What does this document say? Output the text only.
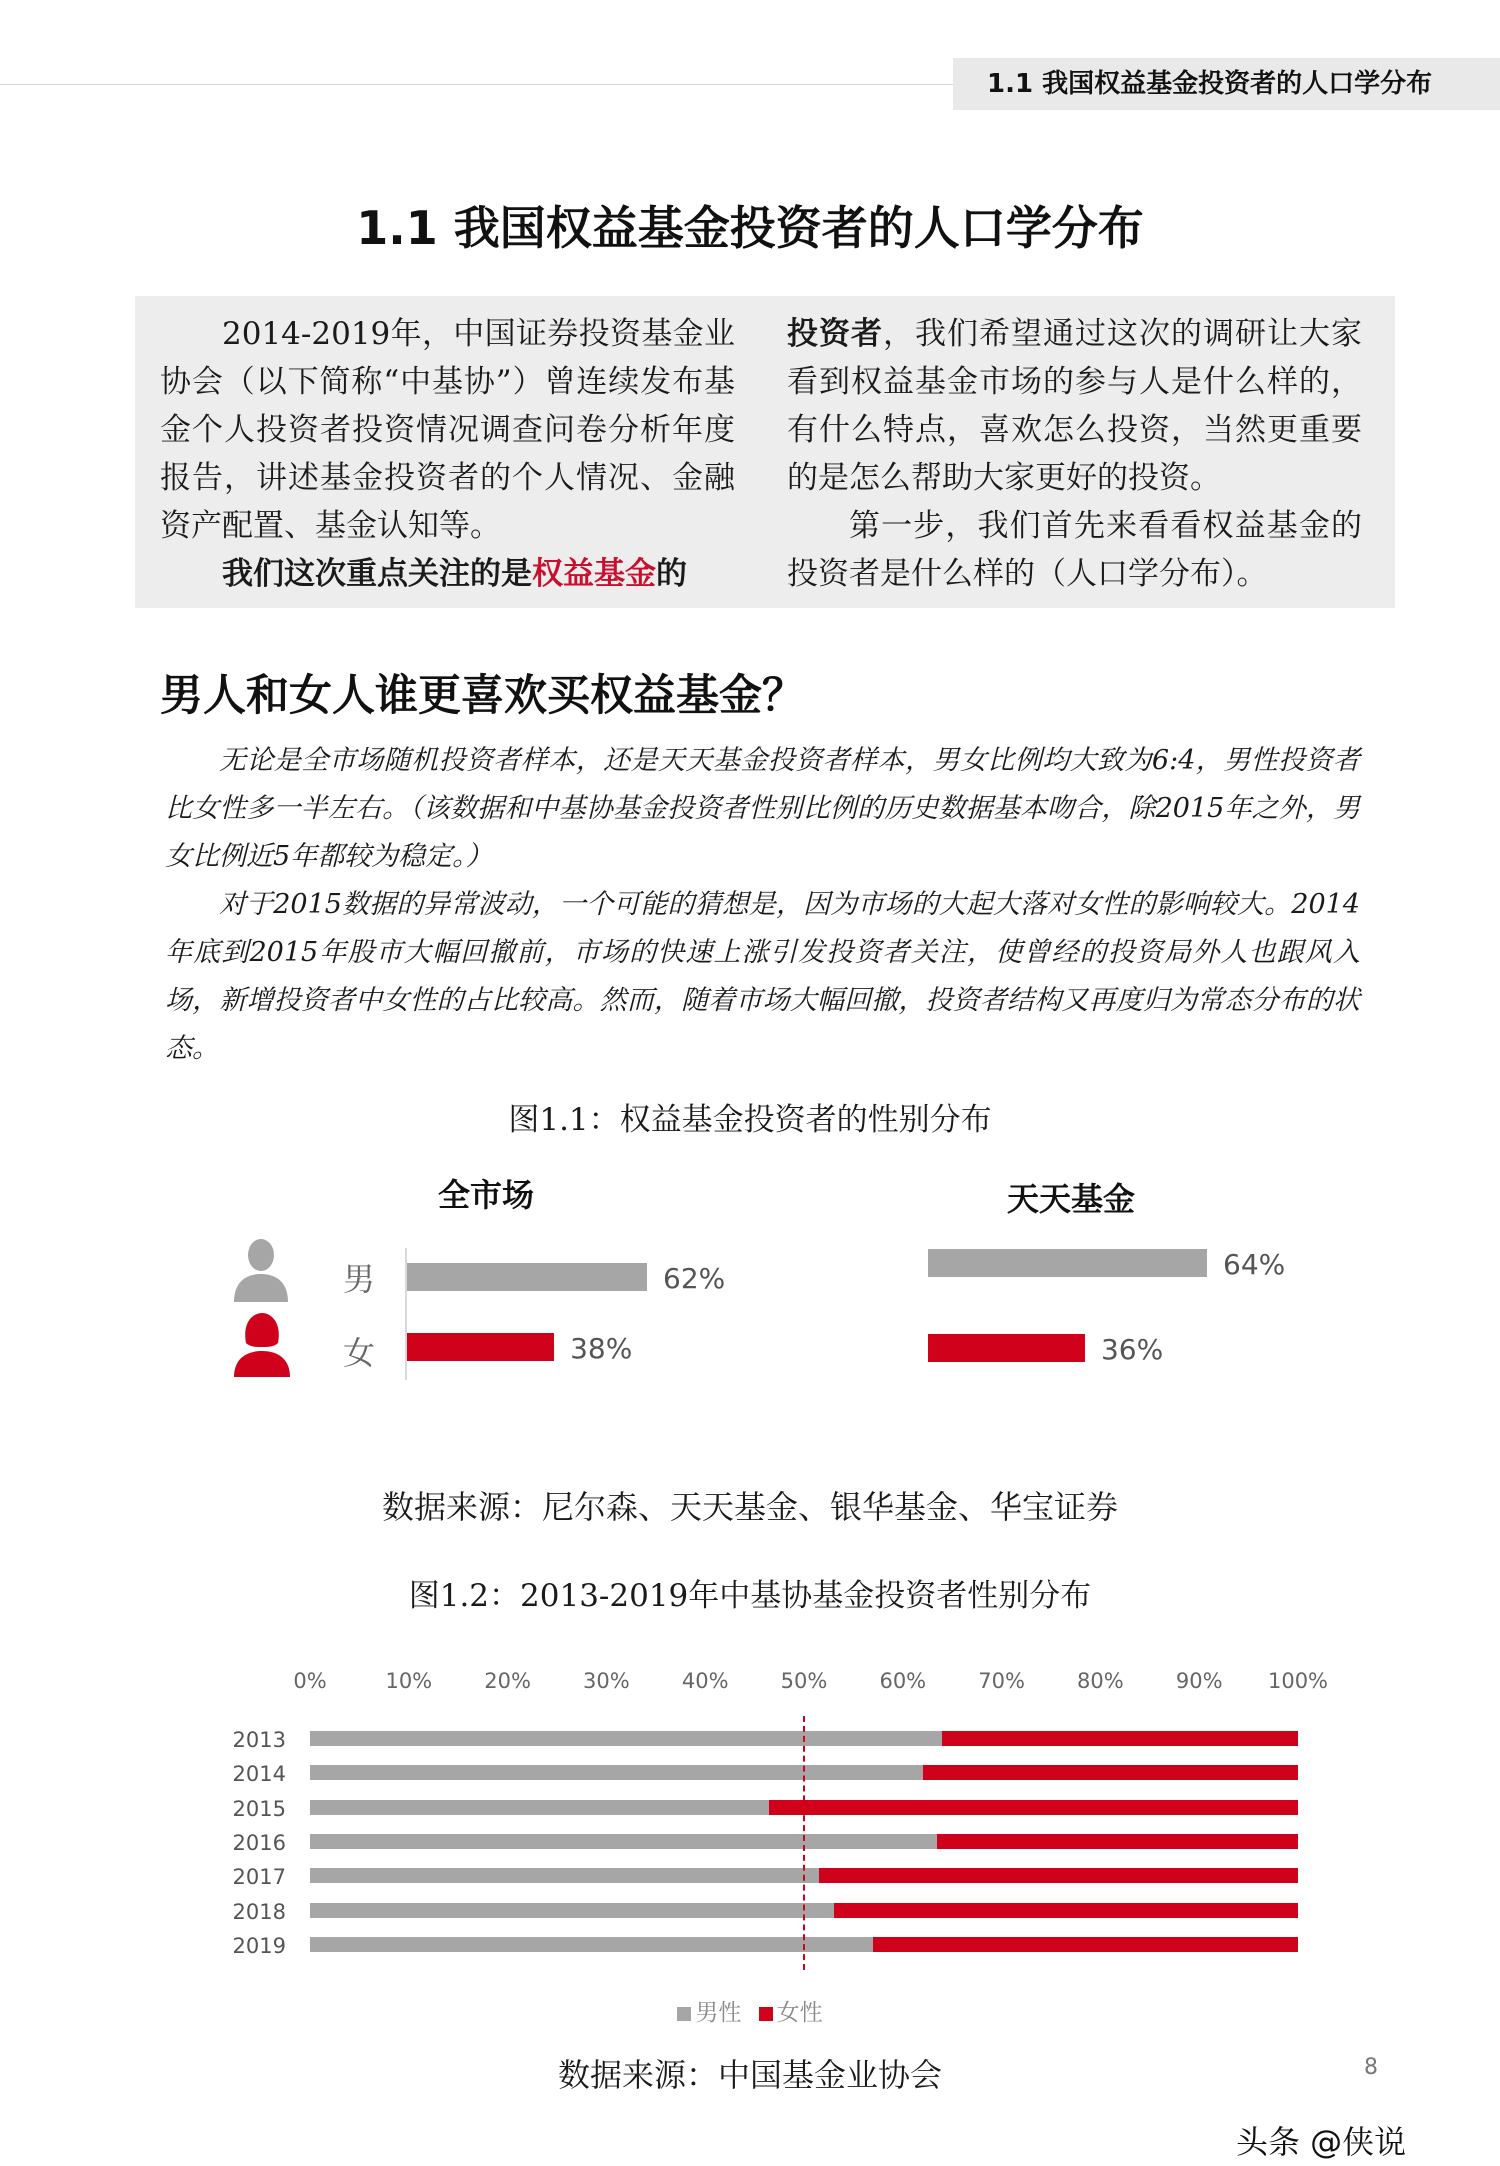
1.1 我国权益基金投资者的人口学分布
1.1 我国权益基金投资者的人口学分布

2014-2019年，中国证券投资基金业协会（以下简称“中基协”）曾连续发布基金个人投资者投资情况调查问卷分析年度报告，讲述基金投资者的个人情况、金融资产配置、基金认知等。

我们这次重点关注的是权益基金的

投资者，我们希望通过这次的调研让大家看到权益基金市场的参与人是什么样的，有什么特点，喜欢怎么投资，当然更重要的是怎么帮助大家更好的投资。

第一步，我们首先来看看权益基金的投资者是什么样的（人口学分布）。

男人和女人谁更喜欢买权益基金？

无论是全市场随机投资者样本，还是天天基金投资者样本，男女比例均大致为6:4，男性投资者比女性多一半左右。（该数据和中基协基金投资者性别比例的历史数据基本吻合，除2015年之外，男女比例近5年都较为稳定。）

对于2015数据的异常波动，一个可能的猜想是，因为市场的大起大落对女性的影响较大。2014年底到2015年股市大幅回撤前，市场的快速上涨引发投资者关注，使曾经的投资局外人也跟风入场，新增投资者中女性的占比较高。然而，随着市场大幅回撤，投资者结构又再度归为常态分布的状态。

图1.1：权益基金投资者的性别分布
全市场
男
女
62%
38%
天天基金
64%
36%
数据来源：尼尔森、天天基金、银华基金、华宝证券
图1.2：2013-2019年中基协基金投资者性别分布
0%	10% 20% 30% 40% 50% 60% 70% 80% 90% 100%
2013
2014
2015
2016
2017
2018
2019
男性 女性
数据来源：中国基金业协会	8
头条 @侠说
